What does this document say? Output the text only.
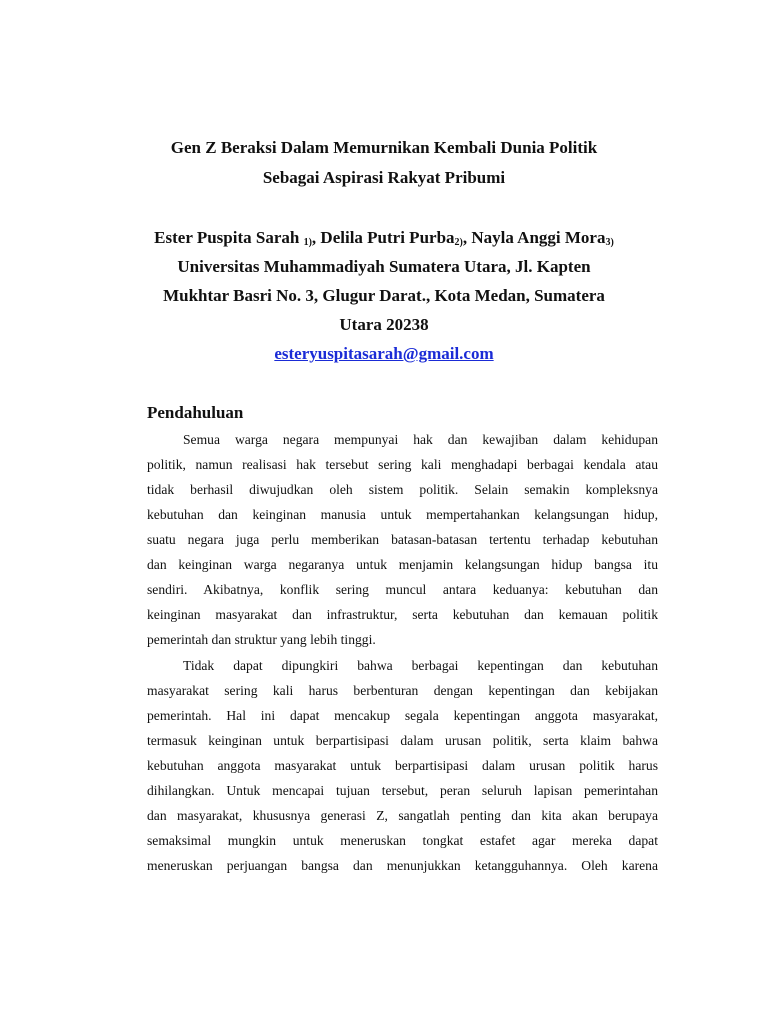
Gen Z Beraksi Dalam Memurnikan Kembali Dunia Politik
Sebagai Aspirasi Rakyat Pribumi
Ester Puspita Sarah $_{1)}$, Delila Putri Purba$_{2)}$, Nayla Anggi Mora$_{3)}$
Universitas Muhammadiyah Sumatera Utara, Jl. Kapten
Mukhtar Basri No. 3, Glugur Darat., Kota Medan, Sumatera
Utara 20238
esteryuspitasarah@gmail.com
Pendahuluan
Semua warga negara mempunyai hak dan kewajiban dalam kehidupan
politik, namun realisasi hak tersebut sering kali menghadapi berbagai kendala atau
tidak berhasil diwujudkan oleh sistem politik. Selain semakin kompleksnya
kebutuhan dan keinginan manusia untuk mempertahankan kelangsungan hidup,
suatu negara juga perlu memberikan batasan-batasan tertentu terhadap kebutuhan
dan keinginan warga negaranya untuk menjamin kelangsungan hidup bangsa itu
sendiri. Akibatnya, konflik sering muncul antara keduanya: kebutuhan dan
keinginan masyarakat dan infrastruktur, serta kebutuhan dan kemauan politik
pemerintah dan struktur yang lebih tinggi.
Tidak dapat dipungkiri bahwa berbagai kepentingan dan kebutuhan
masyarakat sering kali harus berbenturan dengan kepentingan dan kebijakan
pemerintah. Hal ini dapat mencakup segala kepentingan anggota masyarakat,
termasuk keinginan untuk berpartisipasi dalam urusan politik, serta klaim bahwa
kebutuhan anggota masyarakat untuk berpartisipasi dalam urusan politik harus
dihilangkan. Untuk mencapai tujuan tersebut, peran seluruh lapisan pemerintahan
dan masyarakat, khususnya generasi Z, sangatlah penting dan kita akan berupaya
semaksimal mungkin untuk meneruskan tongkat estafet agar mereka dapat
meneruskan perjuangan bangsa dan menunjukkan ketangguhannya. Oleh karena
